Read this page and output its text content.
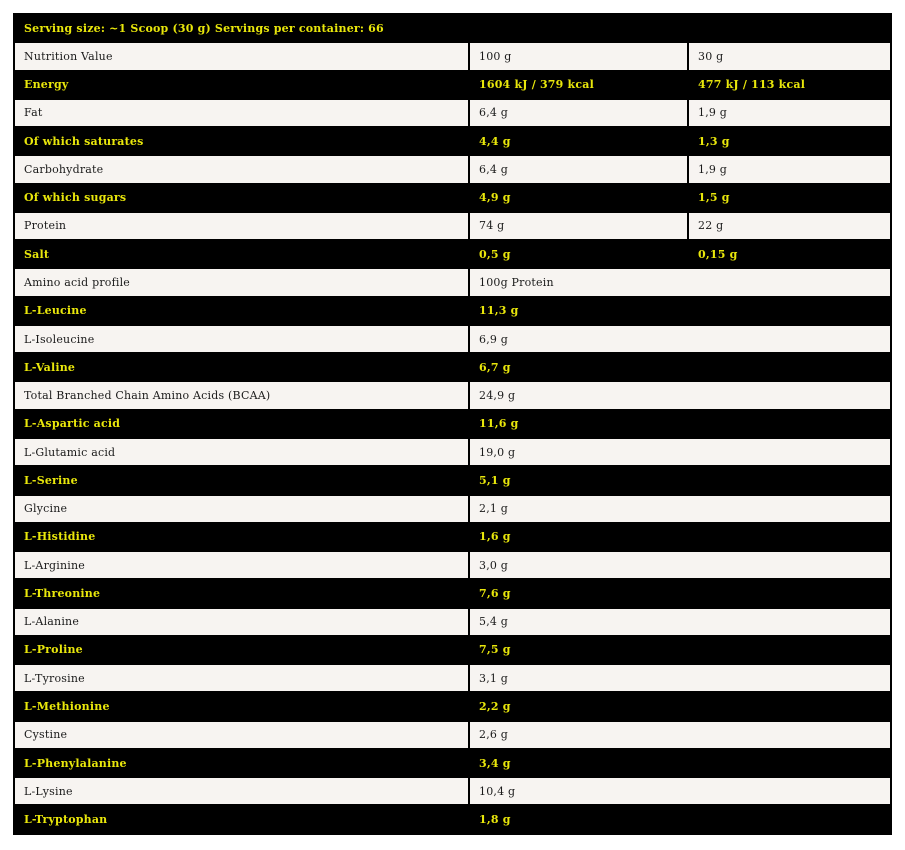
Serving size: ~1 Scoop (30 g) Servings per container: 66		
Nutrition Value	100 g	30 g
Energy	1604 kJ / 379 kcal	477 kJ / 113 kcal
Fat	6,4 g	1,9 g
Of which saturates	4,4 g	1,3 g
Carbohydrate	6,4 g	1,9 g
Of which sugars	4,9 g	1,5 g
Protein	74 g	22 g
Salt	0,5 g	0,15 g
Amino acid profile	100g Protein	
L-Leucine	11,3 g	
L-Isoleucine	6,9 g	
L-Valine	6,7 g	
Total Branched Chain Amino Acids (BCAA)	24,9 g	
L-Aspartic acid	11,6 g	
L-Glutamic acid	19,0 g	
L-Serine	5,1 g	
Glycine	2,1 g	
L-Histidine	1,6 g	
L-Arginine	3,0 g	
L-Threonine	7,6 g	
L-Alanine	5,4 g	
L-Proline	7,5 g	
L-Tyrosine	3,1 g	
L-Methionine	2,2 g	
Cystine	2,6 g	
L-Phenylalanine	3,4 g	
L-Lysine	10,4 g	
L-Tryptophan	1,8 g	
